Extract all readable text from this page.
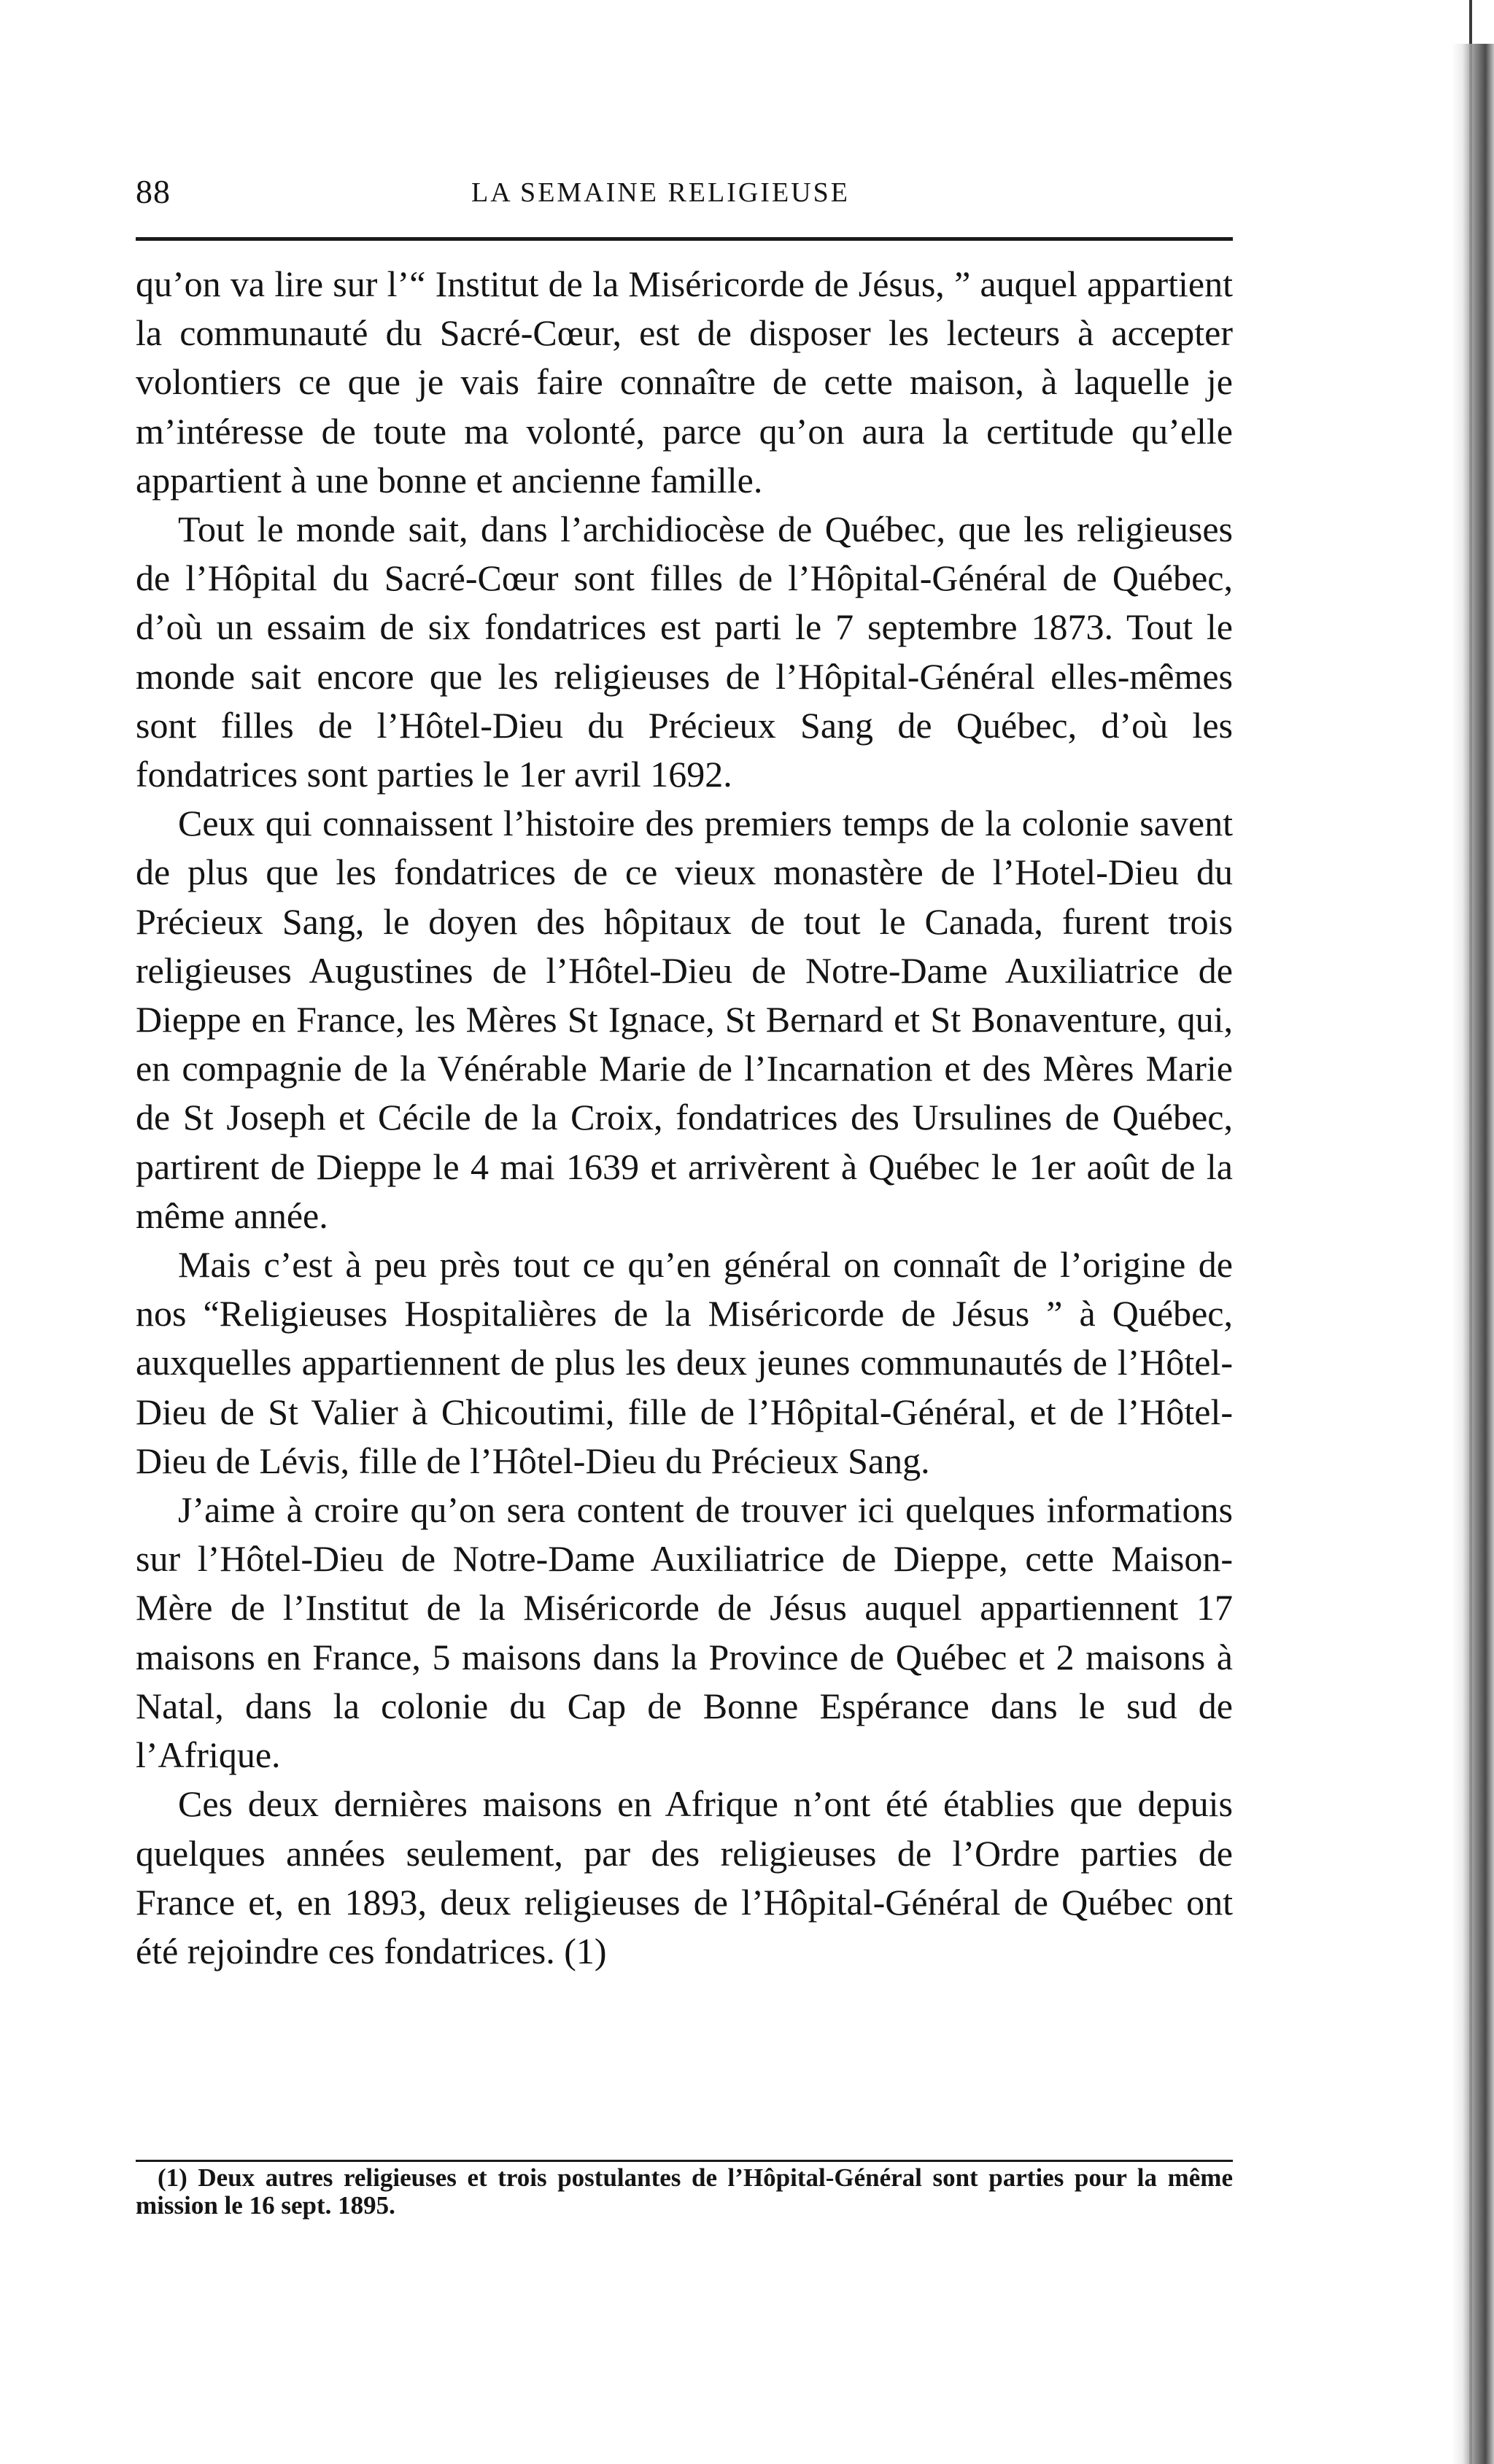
88	LA SEMAINE RELIGIEUSE

qu’on va lire sur l’“ Institut de la Miséricorde de Jésus, ” auquel appartient la communauté du Sacré-Cœur, est de disposer les lecteurs à accepter volontiers ce que je vais faire connaître de cette maison, à laquelle je m’intéresse de toute ma volonté, parce qu’on aura la certitude qu’elle appartient à une bonne et ancienne famille.

Tout le monde sait, dans l’archidiocèse de Québec, que les religieuses de l’Hôpital du Sacré-Cœur sont filles de l’Hôpital-Général de Québec, d’où un essaim de six fondatrices est parti le 7 septembre 1873. Tout le monde sait encore que les religieuses de l’Hôpital-Général elles-mêmes sont filles de l’Hôtel-Dieu du Précieux Sang de Québec, d’où les fondatrices sont parties le 1er avril 1692.

Ceux qui connaissent l’histoire des premiers temps de la colonie savent de plus que les fondatrices de ce vieux monastère de l’Hotel-Dieu du Précieux Sang, le doyen des hôpitaux de tout le Canada, furent trois religieuses Augustines de l’Hôtel-Dieu de Notre-Dame Auxiliatrice de Dieppe en France, les Mères St Ignace, St Bernard et St Bonaventure, qui, en compagnie de la Vénérable Marie de l’Incarnation et des Mères Marie de St Joseph et Cécile de la Croix, fondatrices des Ursulines de Québec, partirent de Dieppe le 4 mai 1639 et arrivèrent à Québec le 1er août de la même année.

Mais c’est à peu près tout ce qu’en général on connaît de l’origine de nos “Religieuses Hospitalières de la Miséricorde de Jésus ” à Québec, auxquelles appartiennent de plus les deux jeunes communautés de l’Hôtel-Dieu de St Valier à Chicoutimi, fille de l’Hôpital-Général, et de l’Hôtel-Dieu de Lévis, fille de l’Hôtel-Dieu du Précieux Sang.

J’aime à croire qu’on sera content de trouver ici quelques informations sur l’Hôtel-Dieu de Notre-Dame Auxiliatrice de Dieppe, cette Maison-Mère de l’Institut de la Miséricorde de Jésus auquel appartiennent 17 maisons en France, 5 maisons dans la Province de Québec et 2 maisons à Natal, dans la colonie du Cap de Bonne Espérance dans le sud de l’Afrique.

Ces deux dernières maisons en Afrique n’ont été établies que depuis quelques années seulement, par des religieuses de l’Ordre parties de France et, en 1893, deux religieuses de l’Hôpital-Général de Québec ont été rejoindre ces fondatrices. (1)

(1) Deux autres religieuses et trois postulantes de l’Hôpital-Général sont parties pour la même mission le 16 sept. 1895.
